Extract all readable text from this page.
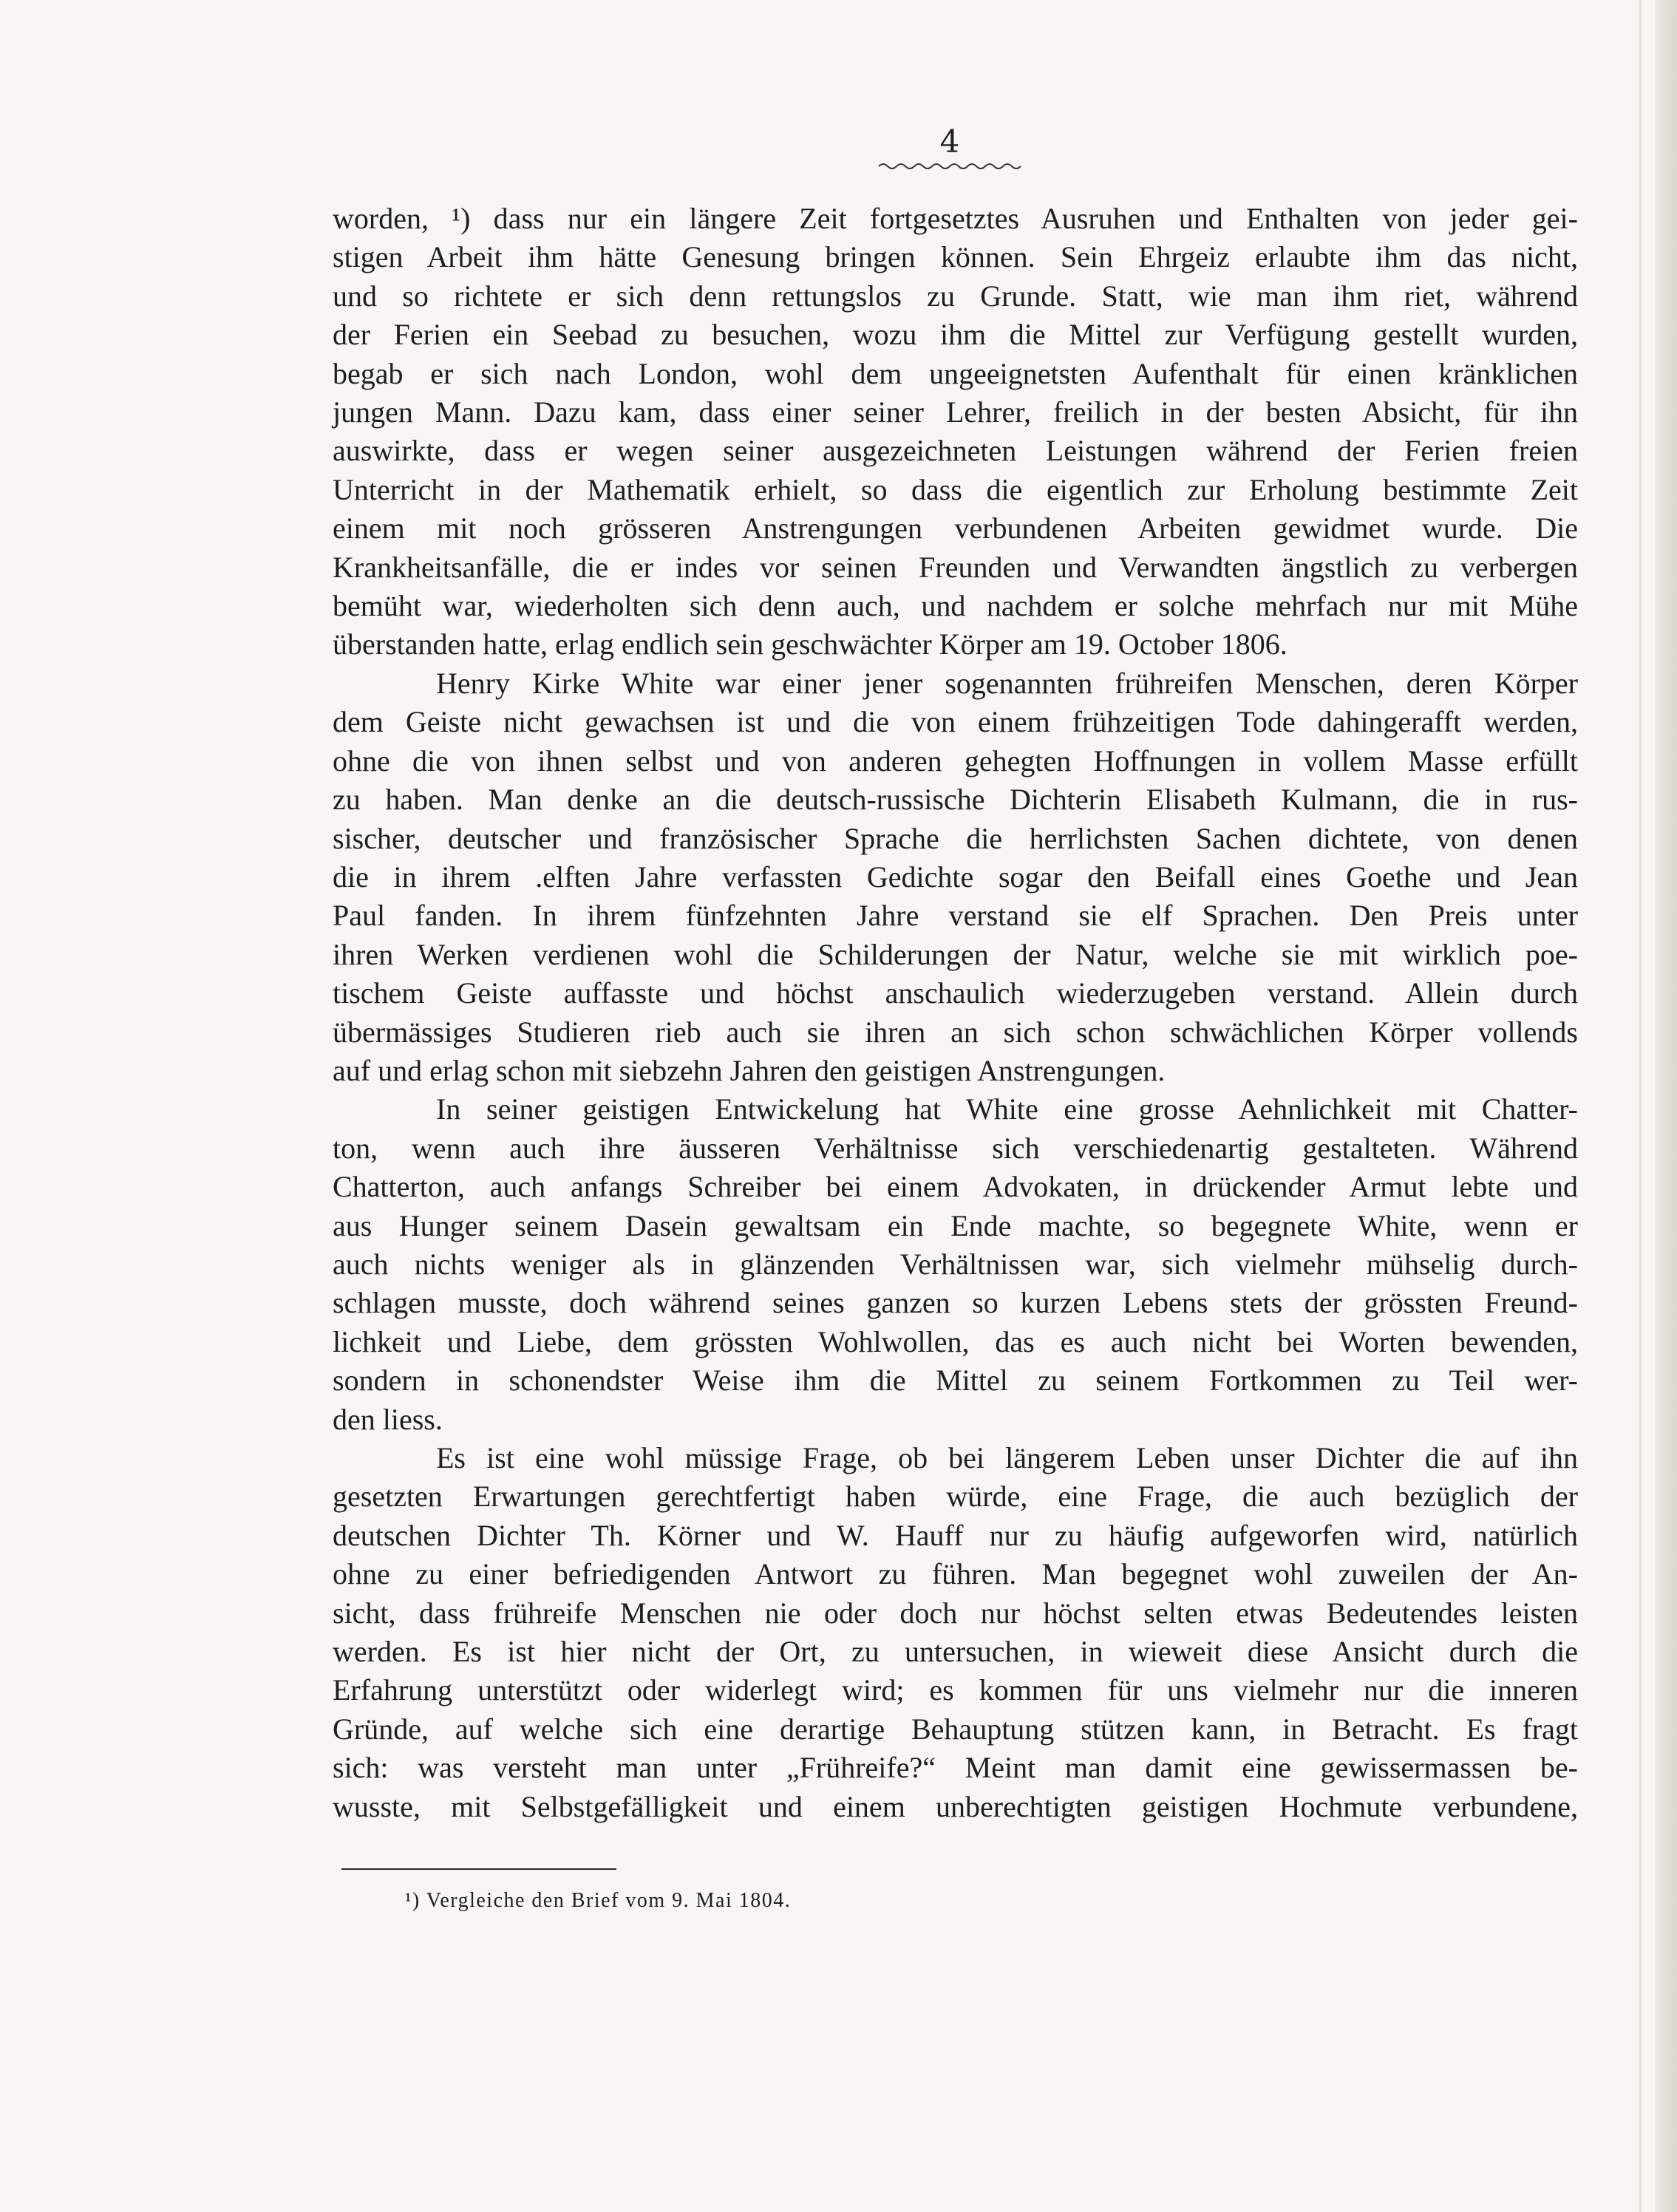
4

worden, ¹) dass nur ein längere Zeit fortgesetztes Ausruhen und Enthalten von jeder gei-
stigen Arbeit ihm hätte Genesung bringen können. Sein Ehrgeiz erlaubte ihm das nicht,
und so richtete er sich denn rettungslos zu Grunde. Statt, wie man ihm riet, während
der Ferien ein Seebad zu besuchen, wozu ihm die Mittel zur Verfügung gestellt wurden,
begab er sich nach London, wohl dem ungeeignetsten Aufenthalt für einen kränklichen
jungen Mann. Dazu kam, dass einer seiner Lehrer, freilich in der besten Absicht, für ihn
auswirkte, dass er wegen seiner ausgezeichneten Leistungen während der Ferien freien
Unterricht in der Mathematik erhielt, so dass die eigentlich zur Erholung bestimmte Zeit
einem mit noch grösseren Anstrengungen verbundenen Arbeiten gewidmet wurde. Die
Krankheitsanfälle, die er indes vor seinen Freunden und Verwandten ängstlich zu verbergen
bemüht war, wiederholten sich denn auch, und nachdem er solche mehrfach nur mit Mühe
überstanden hatte, erlag endlich sein geschwächter Körper am 19. October 1806.

Henry Kirke White war einer jener sogenannten frühreifen Menschen, deren Körper
dem Geiste nicht gewachsen ist und die von einem frühzeitigen Tode dahingerafft werden,
ohne die von ihnen selbst und von anderen gehegten Hoffnungen in vollem Masse erfüllt
zu haben. Man denke an die deutsch-russische Dichterin Elisabeth Kulmann, die in rus-
sischer, deutscher und französischer Sprache die herrlichsten Sachen dichtete, von denen
die in ihrem .elften Jahre verfassten Gedichte sogar den Beifall eines Goethe und Jean
Paul fanden. In ihrem fünfzehnten Jahre verstand sie elf Sprachen. Den Preis unter
ihren Werken verdienen wohl die Schilderungen der Natur, welche sie mit wirklich poe-
tischem Geiste auffasste und höchst anschaulich wiederzugeben verstand. Allein durch
übermässiges Studieren rieb auch sie ihren an sich schon schwächlichen Körper vollends
auf und erlag schon mit siebzehn Jahren den geistigen Anstrengungen.

In seiner geistigen Entwickelung hat White eine grosse Aehnlichkeit mit Chatter-
ton, wenn auch ihre äusseren Verhältnisse sich verschiedenartig gestalteten. Während
Chatterton, auch anfangs Schreiber bei einem Advokaten, in drückender Armut lebte und
aus Hunger seinem Dasein gewaltsam ein Ende machte, so begegnete White, wenn er
auch nichts weniger als in glänzenden Verhältnissen war, sich vielmehr mühselig durch-
schlagen musste, doch während seines ganzen so kurzen Lebens stets der grössten Freund-
lichkeit und Liebe, dem grössten Wohlwollen, das es auch nicht bei Worten bewenden,
sondern in schonendster Weise ihm die Mittel zu seinem Fortkommen zu Teil wer-
den liess.

Es ist eine wohl müssige Frage, ob bei längerem Leben unser Dichter die auf ihn
gesetzten Erwartungen gerechtfertigt haben würde, eine Frage, die auch bezüglich der
deutschen Dichter Th. Körner und W. Hauff nur zu häufig aufgeworfen wird, natürlich
ohne zu einer befriedigenden Antwort zu führen. Man begegnet wohl zuweilen der An-
sicht, dass frühreife Menschen nie oder doch nur höchst selten etwas Bedeutendes leisten
werden. Es ist hier nicht der Ort, zu untersuchen, in wieweit diese Ansicht durch die
Erfahrung unterstützt oder widerlegt wird; es kommen für uns vielmehr nur die inneren
Gründe, auf welche sich eine derartige Behauptung stützen kann, in Betracht. Es fragt
sich: was versteht man unter „Frühreife?“ Meint man damit eine gewissermassen be-
wusste, mit Selbstgefälligkeit und einem unberechtigten geistigen Hochmute verbundene,

¹) Vergleiche den Brief vom 9. Mai 1804.
